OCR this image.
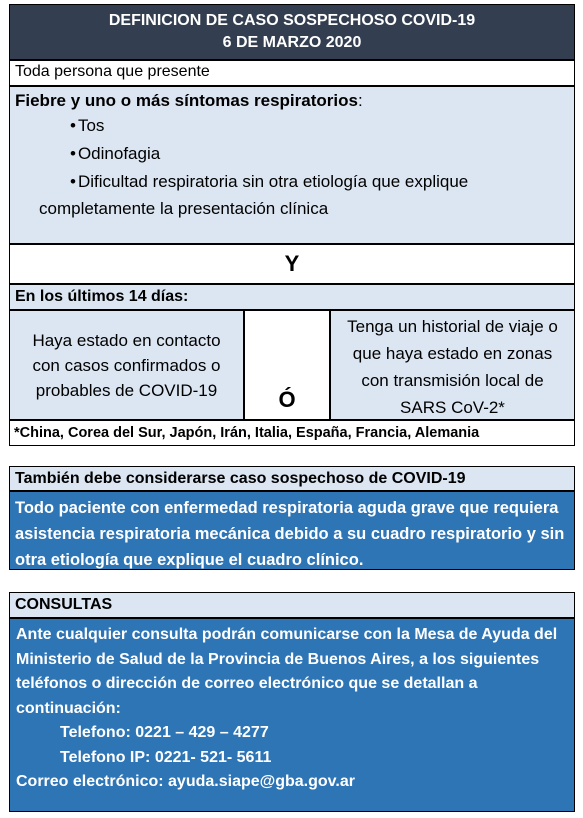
DEFINICION DE CASO SOSPECHOSO COVID-19
6 DE MARZO 2020
Toda persona que presente
Fiebre y uno o más síntomas respiratorios:
• Tos
• Odinofagia
• Dificultad respiratoria sin otra etiología que explique
completamente la presentación clínica
Y
En los últimos 14 días:
Haya estado en contacto con casos confirmados o probables de COVID-19	Ó
Tenga un historial de viaje o que haya estado en zonas con transmisión local de SARS CoV-2*
*China, Corea del Sur, Japón, Irán, Italia, España, Francia, Alemania
También debe considerarse caso sospechoso de COVID-19
Todo paciente con enfermedad respiratoria aguda grave que requiera asistencia respiratoria mecánica debido a su cuadro respiratorio y sin otra etiología que explique el cuadro clínico.
CONSULTAS
Ante cualquier consulta podrán comunicarse con la Mesa de Ayuda del Ministerio de Salud de la Provincia de Buenos Aires, a los siguientes teléfonos o dirección de correo electrónico que se detallan a continuación:
Telefono: 0221 – 429 – 4277
Telefono IP: 0221- 521- 5611
Correo electrónico: ayuda.siape@gba.gov.ar
